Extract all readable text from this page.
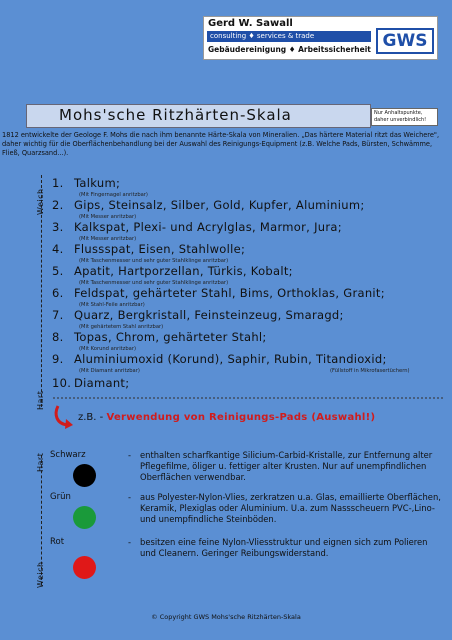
Gerd W. Sawall
consulting ♦ services & trade
Gebäudereinigung ♦ Arbeitssicherheit GWS
Mohs'sche Ritzhärten-Skala	Nur Anhaltspunkte, daher unverbindlich!
1812 entwickelte der Geologe F. Mohs die nach ihm benannte Härte-Skala von Mineralien. „Das härtere Material ritzt das Weichere", daher wichtig für die Oberflächenbehandlung bei der Auswahl des Reinigungs-Equipment (z.B. Welche Pads, Bürsten, Schwämme, Fließ, Quarzsand...).
Weich
Hart
1. Talkum;
(Mit Fingernagel anritzbar)
2. Gips, Steinsalz, Silber, Gold, Kupfer, Aluminium;
(Mit Messer anritzbar)
3. Kalkspat, Plexi- und Acrylglas, Marmor, Jura;
(Mit Messer anritzbar)
4. Flussspat, Eisen, Stahlwolle;
(Mit Taschenmesser und sehr guter Stahlklinge anritzbar)
5. Apatit, Hartporzellan, Türkis, Kobalt;
(Mit Taschenmesser und sehr guter Stahlklinge anritzbar)
6. Feldspat, gehärteter Stahl, Bims, Orthoklas, Granit;
(Mit Stahl-Feile anritzbar)
7. Quarz, Bergkristall, Feinsteinzeug, Smaragd;
(Mit gehärtetem Stahl anritzbar)
8. Topas, Chrom, gehärteter Stahl;
(Mit Korund anritzbar)
9. Aluminiumoxid (Korund), Saphir, Rubin, Titandioxid;
(Mit Diamant anritzbar)	(Füllstoff in Mikrofasertüchern)
10. Diamant;
z.B. - Verwendung von Reinigungs-Pads (Auswahl!)
Hart
Weich
Schwarz	-	enthalten scharfkantige Silicium-Carbid-Kristalle, zur Entfernung alter Pflegefilme, öliger u. fettiger alter Krusten. Nur auf unempfindlichen Oberflächen verwendbar.
Grün	-	aus Polyester-Nylon-Vlies, zerkratzen u.a. Glas, emaillierte Oberflächen, Keramik, Plexiglas oder Aluminium. U.a. zum Nassscheuern PVC-,Lino- und unempfindliche Steinböden.
Rot	-	besitzen eine feine Nylon-Vliesstruktur und eignen sich zum Polieren und Cleanern. Geringer Reibungswiderstand.
© Copyright GWS Mohs'sche Ritzhärten-Skala
